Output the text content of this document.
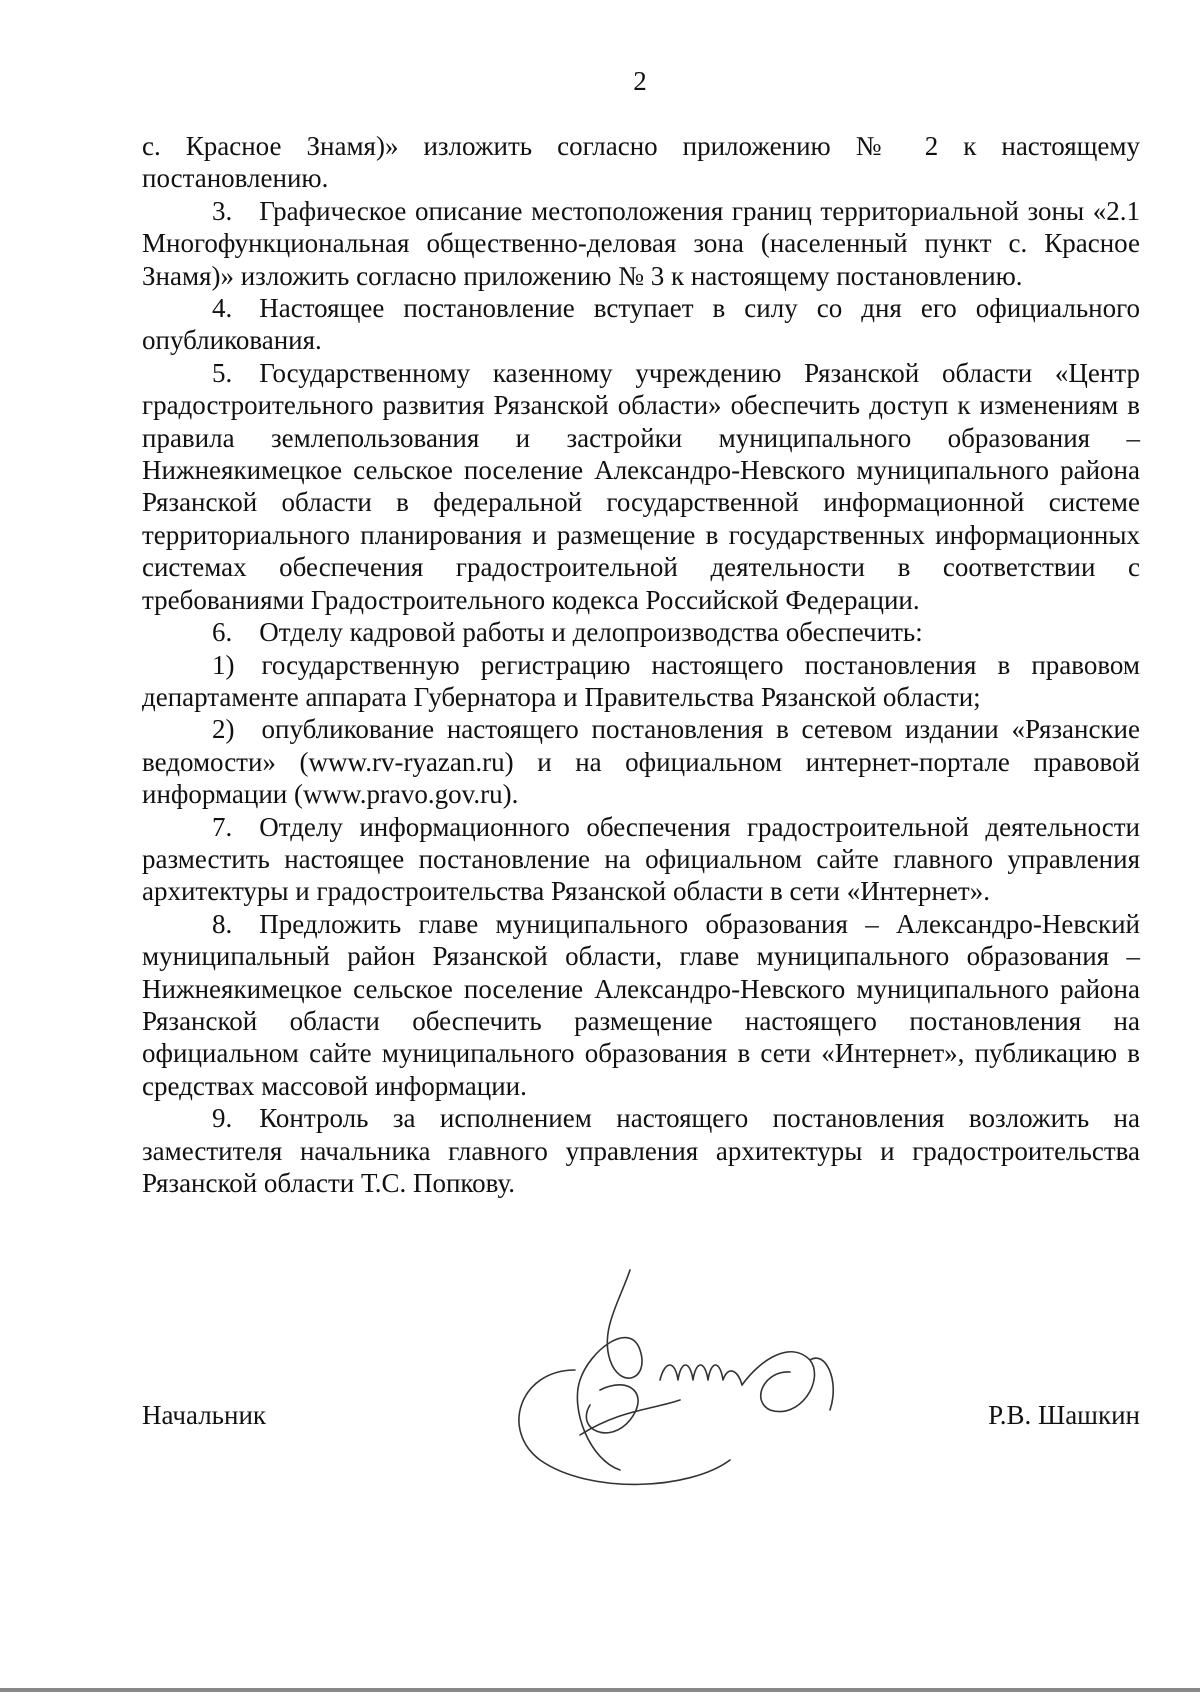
2

с. Красное Знамя)» изложить согласно приложению № 2 к настоящему постановлению.

3. Графическое описание местоположения границ территориальной зоны «2.1 Многофункциональная общественно-деловая зона (населенный пункт с. Красное Знамя)» изложить согласно приложению № 3 к настоящему постановлению.

4. Настоящее постановление вступает в силу со дня его официального опубликования.

5. Государственному казенному учреждению Рязанской области «Центр градостроительного развития Рязанской области» обеспечить доступ к изменениям в правила землепользования и застройки муниципального образования – Нижнеякимецкое сельское поселение Александро-Невского муниципального района Рязанской области в федеральной государственной информационной системе территориального планирования и размещение в государственных информационных системах обеспечения градостроительной деятельности в соответствии с требованиями Градостроительного кодекса Российской Федерации.

6. Отделу кадровой работы и делопроизводства обеспечить:

1) государственную регистрацию настоящего постановления в правовом департаменте аппарата Губернатора и Правительства Рязанской области;

2) опубликование настоящего постановления в сетевом издании «Рязанские ведомости» (www.rv-ryazan.ru) и на официальном интернет-портале правовой информации (www.pravo.gov.ru).

7. Отделу информационного обеспечения градостроительной деятельности разместить настоящее постановление на официальном сайте главного управления архитектуры и градостроительства Рязанской области в сети «Интернет».

8. Предложить главе муниципального образования – Александро-Невский муниципальный район Рязанской области, главе муниципального образования – Нижнеякимецкое сельское поселение Александро-Невского муниципального района Рязанской области обеспечить размещение настоящего постановления на официальном сайте муниципального образования в сети «Интернет», публикацию в средствах массовой информации.

9. Контроль за исполнением настоящего постановления возложить на заместителя начальника главного управления архитектуры и градостроительства Рязанской области Т.С. Попкову.

Начальник	Р.В. Шашкин
